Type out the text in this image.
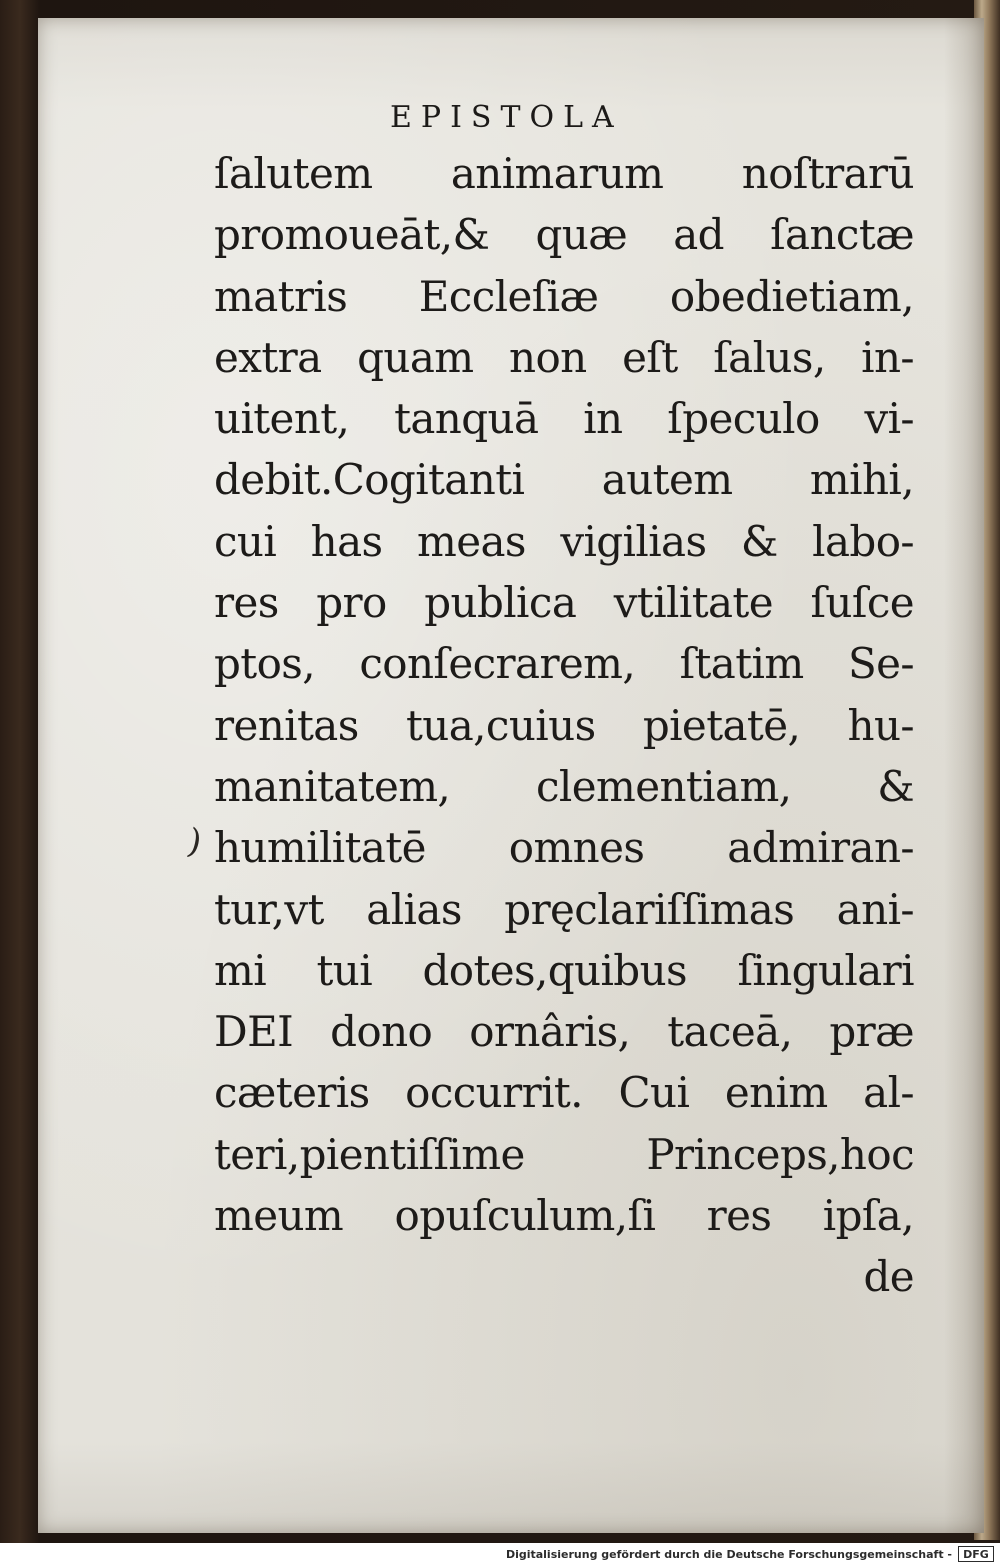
EPISTOLA
)
ſalutem animarum noſtrarū
promoueāt,& quæ ad ſanctæ
matris Eccleſiæ obedietiam,
extra quam non eſt ſalus, in-
uitent, tanquā in ſpeculo vi-
debit.Cogitanti autem mihi,
cui has meas vigilias & labo-
res pro publica vtilitate ſuſce
ptos, conſecrarem, ſtatim Se-
renitas tua,cuius pietatē, hu-
manitatem, clementiam, &
humilitatē omnes admiran-
tur,vt alias pręclariſſimas ani-
mi tui dotes,quibus ſingulari
DEI dono ornâris, taceā, præ
cæteris occurrit. Cui enim al-
teri,pientiſſime Princeps,hoc
meum opuſculum,ſi res ipſa,
de
Digitalisierung gefördert durch die Deutsche Forschungsgemeinschaft -	DFG
